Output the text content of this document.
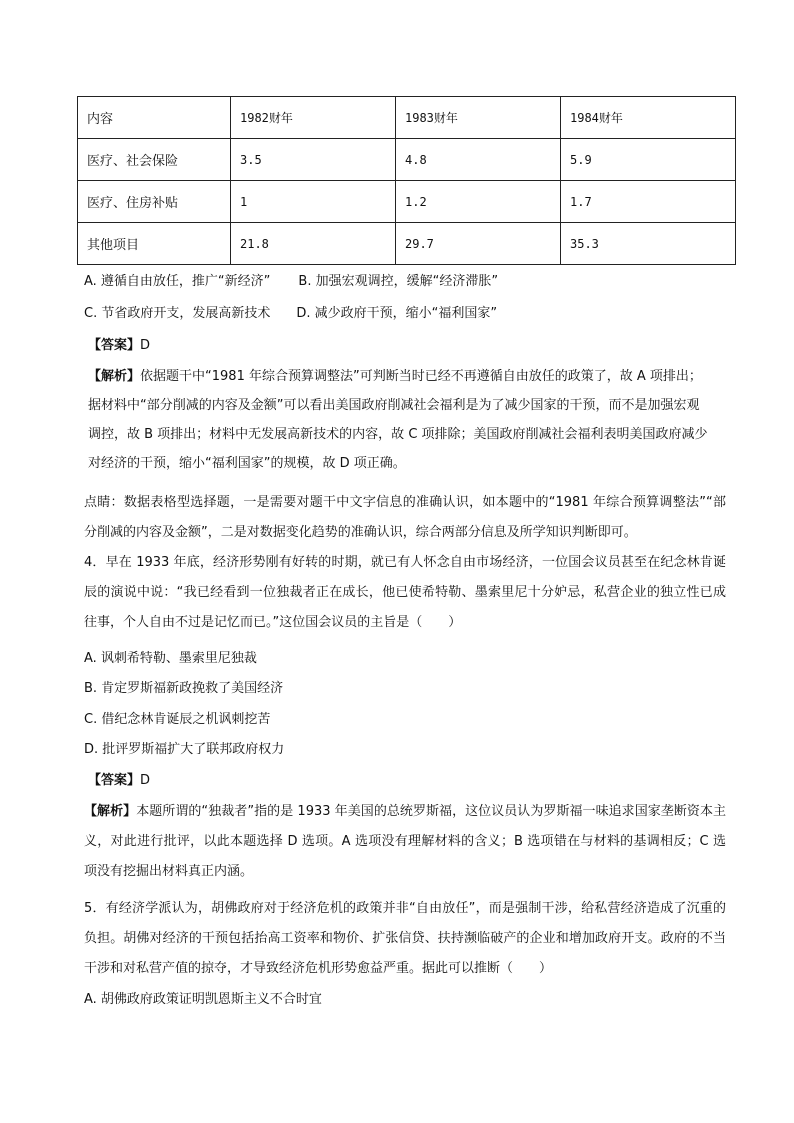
内容	1982财年	1983财年	1984财年
医疗、社会保险	3.5	4.8	5.9
医疗、住房补贴	1	1.2	1.7
其他项目	21.8	29.7	35.3
A. 遵循自由放任，推广“新经济” B. 加强宏观调控，缓解“经济滞胀”
C. 节省政府开支，发展高新技术 D. 减少政府干预，缩小“福利国家”
【答案】D
【解析】依据题干中“1981 年综合预算调整法”可判断当时已经不再遵循自由放任的政策了，故 A 项排出；据材料中“部分削减的内容及金额”可以看出美国政府削减社会福利是为了减少国家的干预，而不是加强宏观调控，故 B 项排出；材料中无发展高新技术的内容，故 C 项排除；美国政府削减社会福利表明美国政府减少对经济的干预，缩小“福利国家”的规模，故 D 项正确。
点睛：数据表格型选择题，一是需要对题干中文字信息的准确认识，如本题中的“1981 年综合预算调整法”“部分削减的内容及金额”，二是对数据变化趋势的准确认识，综合两部分信息及所学知识判断即可。
4．早在 1933 年底，经济形势刚有好转的时期，就已有人怀念自由市场经济，一位国会议员甚至在纪念林肯诞辰的演说中说：“我已经看到一位独裁者正在成长，他已使希特勒、墨索里尼十分妒忌，私营企业的独立性已成往事，个人自由不过是记忆而已。”这位国会议员的主旨是（　　）
A. 讽刺希特勒、墨索里尼独裁
B. 肯定罗斯福新政挽救了美国经济
C. 借纪念林肯诞辰之机讽刺挖苦
D. 批评罗斯福扩大了联邦政府权力
【答案】D
【解析】本题所谓的“独裁者”指的是 1933 年美国的总统罗斯福，这位议员认为罗斯福一味追求国家垄断资本主义，对此进行批评，以此本题选择 D 选项。A 选项没有理解材料的含义；B 选项错在与材料的基调相反；C 选项没有挖掘出材料真正内涵。
5．有经济学派认为，胡佛政府对于经济危机的政策并非“自由放任”，而是强制干涉，给私营经济造成了沉重的负担。胡佛对经济的干预包括抬高工资率和物价、扩张信贷、扶持濒临破产的企业和增加政府开支。政府的不当干涉和对私营产值的掠夺，才导致经济危机形势愈益严重。据此可以推断（　　）
A. 胡佛政府政策证明凯恩斯主义不合时宜
